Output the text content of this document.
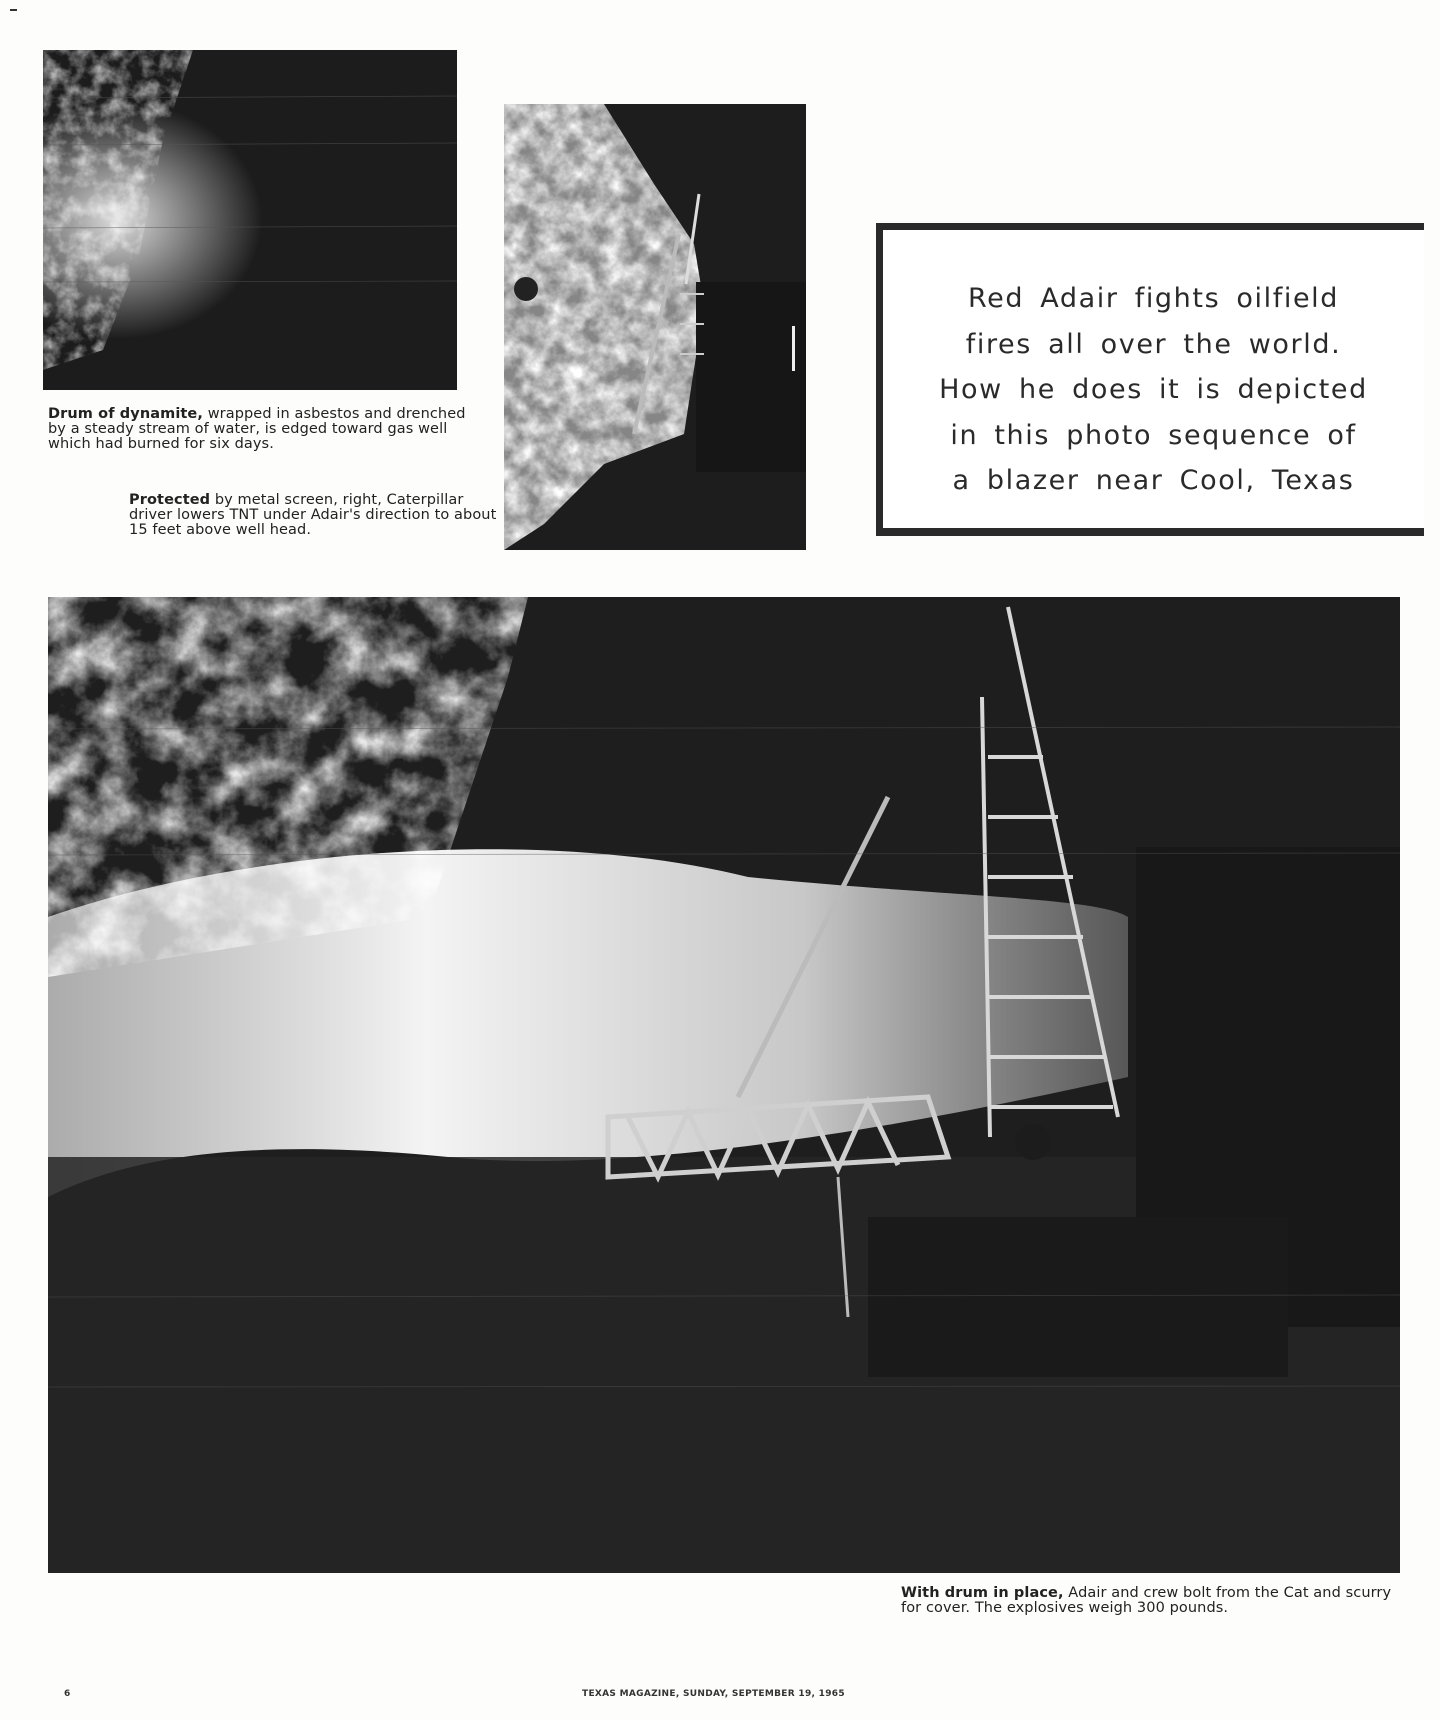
Drum of dynamite, wrapped in asbestos and drenched by a steady stream of water, is edged toward gas well which had burned for six days.
Protected by metal screen, right, Caterpillar driver lowers TNT under Adair's direction to about 15 feet above well head.
Red Adair fights oilfield
fires all over the world.
How he does it is depicted
in this photo sequence of
a blazer near Cool, Texas
With drum in place, Adair and crew bolt from the Cat and scurry for cover. The explosives weigh 300 pounds.
6	TEXAS MAGAZINE, SUNDAY, SEPTEMBER 19, 1965
